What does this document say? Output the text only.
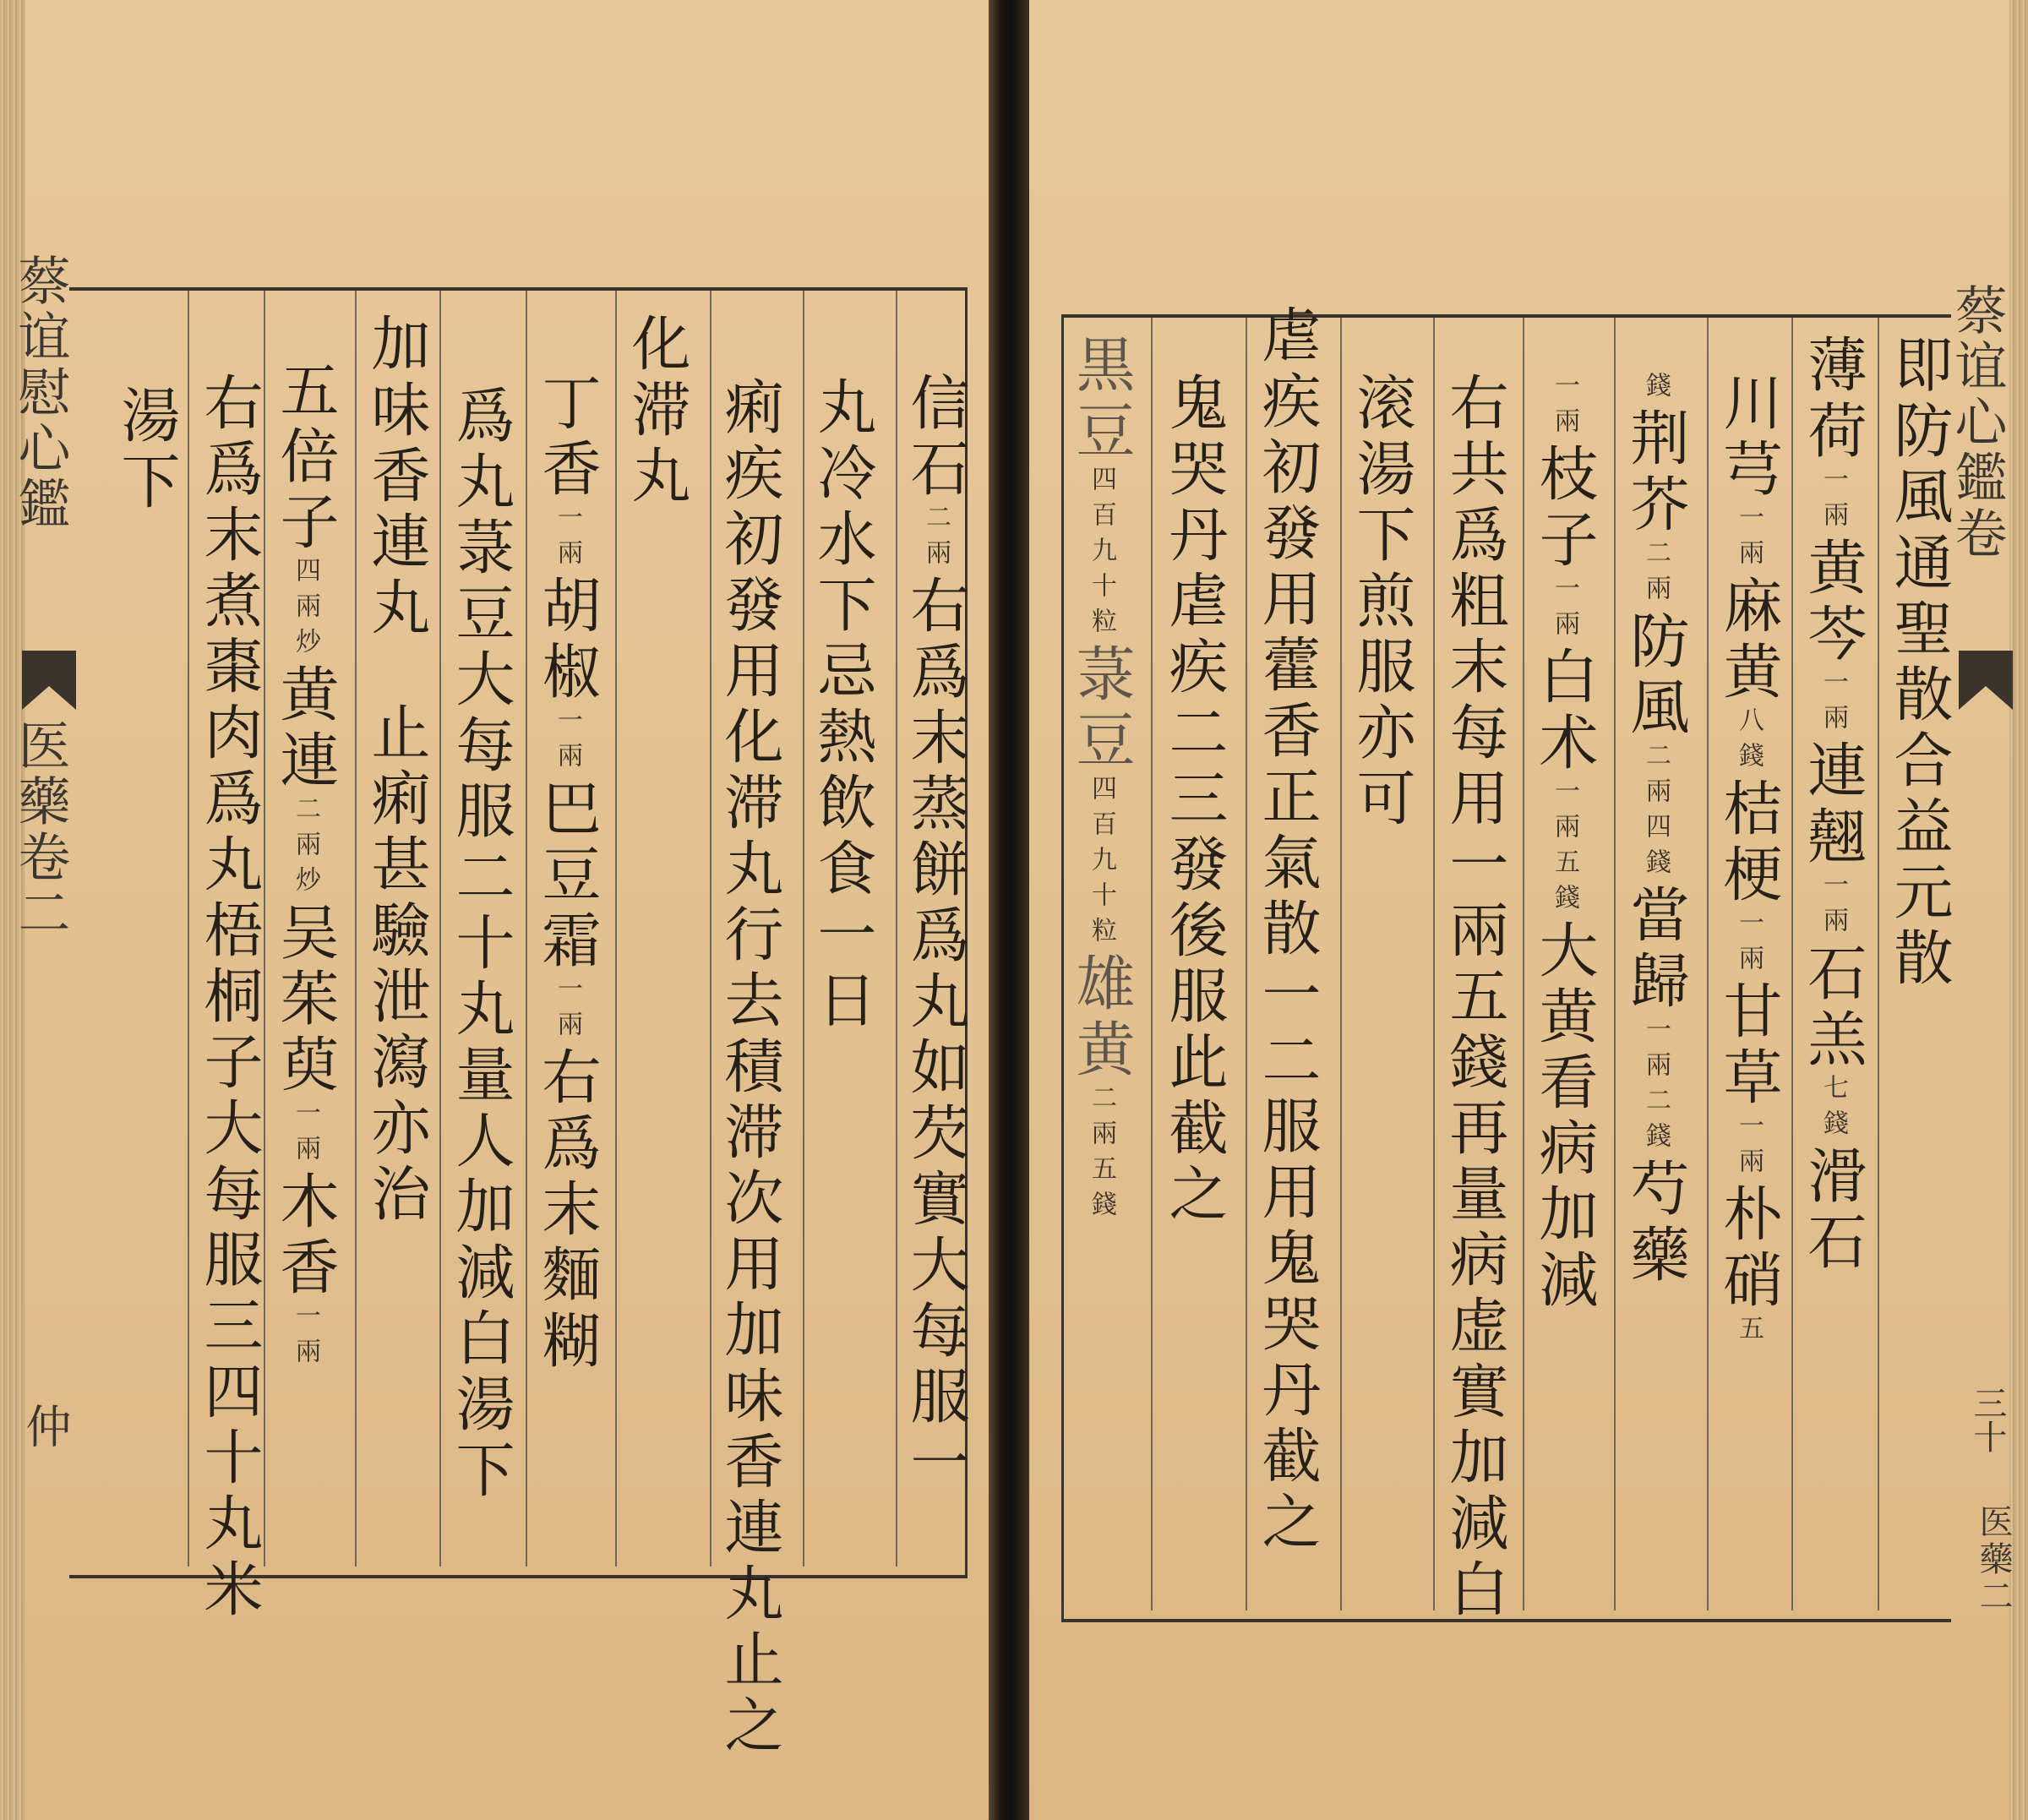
蔡谊慰心鑑
医藥卷二
仲
湯下 右爲末煮棗肉爲丸梧桐子大每服三四十丸米 五倍子四兩炒黄連二兩炒吴茱萸一兩木香一兩
加味香連丸止痢甚驗泄瀉亦治 爲丸菉豆大每服二十丸量人加減白湯下 丁香一兩胡椒一兩巴豆霜一兩右爲末麵糊
化滞丸 痢疾初發用化滞丸行去積滞次用加味香連丸止之 丸冷水下忌熱飲食一日 信石二兩右爲末蒸餅爲丸如芡實大每服一
黒豆四百九十粒菉豆四百九十粒雄黄二兩五錢 鬼哭丹虐疾二三發後服此截之 虐疾初發用藿香正氣散一二服用鬼哭丹截之 滚湯下煎服亦可 右共爲粗末每用一兩五錢再量病虚實加減白	一兩枝子一兩白术一兩五錢大黄看病加減
錢荆芥二兩防風二兩四錢當歸一兩二錢芍藥
川芎一兩麻黄八錢桔梗一兩甘草一兩朴硝五
薄荷一兩黄芩一兩連翹一兩石羔七錢滑石
即防風通聖散合益元散
蔡谊心鑑卷
三十
医藥二
